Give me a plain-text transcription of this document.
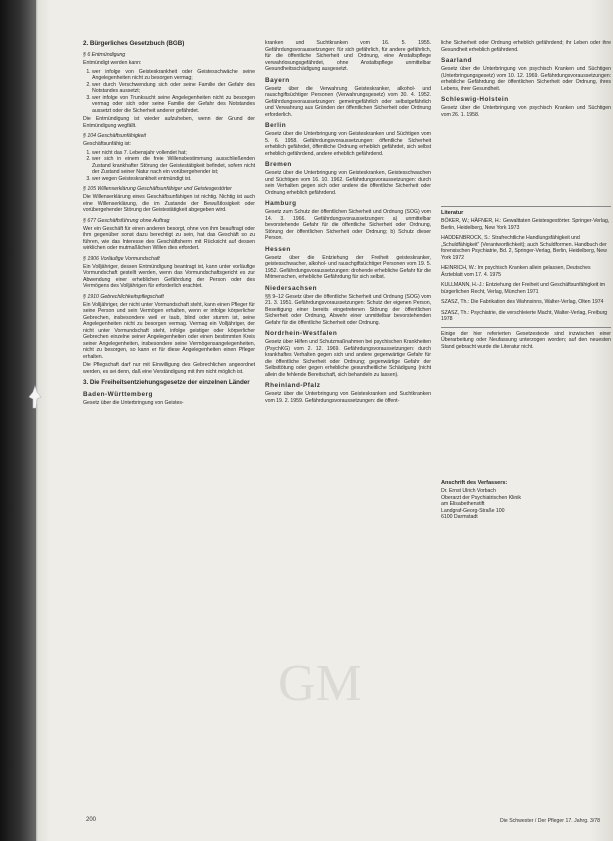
GM
2. Bürgerliches Gesetzbuch (BGB)
§ 6 Entmündigung

Entmündigt werden kann:

1. wer infolge von Geisteskrankheit oder Geistesschwäche seine Angelegenheiten nicht zu besorgen vermag;
2. wer durch Verschwendung sich oder seine Familie der Gefahr des Notstandes aussetzt;
3. wer infolge von Trunksucht seine Angelegenheiten nicht zu besorgen vermag oder sich oder seine Familie der Gefahr des Notstandes aussetzt oder die Sicherheit anderer gefährdet.

Die Entmündigung ist wieder aufzuheben, wenn der Grund der Entmündigung wegfällt.

§ 104 Geschäftsunfähigkeit

Geschäftsunfähig ist:

1. wer nicht das 7. Lebensjahr vollendet hat;
2. wer sich in einem die freie Willensbestimmung ausschließenden Zustand krankhafter Störung der Geistestätigkeit befindet, sofern nicht der Zustand seiner Natur nach ein vorübergehender ist;
3. wer wegen Geisteskrankheit entmündigt ist.
§ 105 Willenserklärung Geschäftsunfähiger und Geistesgestörter

Die Willenserklärung eines Geschäftsunfähigen ist nichtig. Nichtig ist auch eine Willenserklärung, die im Zustande der Bewußtlosigkeit oder vorübergehender Störung der Geistestätigkeit abgegeben wird.

§ 677 Geschäftsführung ohne Auftrag

Wer ein Geschäft für einen anderen besorgt, ohne von ihm beauftragt oder ihm gegenüber sonst dazu berechtigt zu sein, hat das Geschäft so zu führen, wie das Interesse des Geschäftsherrn mit Rücksicht auf dessen wirklichen oder mutmaßlichen Willen dies erfordert.

§ 1906 Vorläufige Vormundschaft

Ein Volljähriger, dessen Entmündigung beantragt ist, kann unter vorläufige Vormundschaft gestellt werden, wenn das Vormundschaftsgericht es zur Abwendung einer erheblichen Gefährdung der Person oder des Vermögens des Volljährigen für erforderlich erachtet.

§ 1910 Gebrechlichkeitspflegschaft

Ein Volljähriger, der nicht unter Vormundschaft steht, kann einen Pfleger für seine Person und sein Vermögen erhalten, wenn er infolge körperlicher Gebrechen, insbesondere weil er taub, blind oder stumm ist, seine Angelegenheiten nicht zu besorgen vermag. Vermag ein Volljähriger, der nicht unter Vormundschaft steht, infolge geistiger oder körperlicher Gebrechen einzelne seiner Angelegenheiten oder einen bestimmten Kreis seiner Angelegenheiten, insbesondere seine Vermögensangelegenheiten, nicht zu besorgen, so kann er für diese Angelegenheiten einen Pfleger erhalten.

Die Pflegschaft darf nur mit Einwilligung des Gebrechlichen angeordnet werden, es sei denn, daß eine Verständigung mit ihm nicht möglich ist.

3. Die Freiheitsentziehungsgesetze der einzelnen Länder
Baden-Württemberg

Gesetz über die Unterbringung von Geistes-

kranken und Suchtkranken vom 16. 5. 1955. Gefährdungsvoraussetzungen: für sich gefährlich, für andere gefährlich, für die öffentliche Sicherheit und Ordnung, eine Anstaltspflege verwahrlosungsgefährdet, ohne Anstaltspflege unmittelbar Gesundheitsschädigung ausgesetzt.

Bayern

Gesetz über die Verwahrung Geisteskranker, alkohol- und rauschgiftsüchtiger Personen (Verwahrungsgesetz) vom 30. 4. 1952. Gefährdungsvoraussetzungen: gemeingefährlich oder selbstgefährlich und Verwahrung aus Gründen der öffentlichen Sicherheit oder Ordnung erforderlich.

Berlin

Gesetz über die Unterbringung von Geisteskranken und Süchtigen vom 5. 6. 1958. Gefährdungsvoraussetzungen: öffentliche Sicherheit erheblich gefährdet, öffentliche Ordnung erheblich gefährdet, sich selbst erheblich gefährdend, andere erheblich gefährdend.

Bremen

Gesetz über die Unterbringung von Geisteskranken, Geistesschwachen und Süchtigen vom 16. 10. 1962. Gefährdungsvoraussetzungen: durch sein Verhalten gegen sich oder andere die öffentliche Sicherheit oder Ordnung erheblich gefährdend.

Hamburg

Gesetz zum Schutz der öffentlichen Sicherheit und Ordnung (SOG) vom 14. 3. 1966. Gefährdungsvoraussetzungen: a) unmittelbar bevorstehende Gefahr für die öffentliche Sicherheit oder Ordnung, Störung der öffentlichen Sicherheit oder Ordnung; b) Schutz dieser Person.

Hessen

Gesetz über die Entziehung der Freiheit geisteskranker, geistesschwacher, alkohol- und rauschgiftsüchtiger Personen vom 19. 5. 1952. Gefährdungsvoraussetzungen: drohende erhebliche Gefahr für die Mitmenschen, erhebliche Gefährdung für sich selbst.

Niedersachsen

§§ 9–12 Gesetz über die öffentliche Sicherheit und Ordnung (SOG) vom 21. 3. 1951. Gefährdungsvoraussetzungen: Schutz der eigenen Person, Beseitigung einer bereits eingetretenen Störung der öffentlichen Sicherheit oder Ordnung, Abwehr einer unmittelbar bevorstehenden Gefahr für die öffentliche Sicherheit oder Ordnung.

Nordrhein-Westfalen

Gesetz über Hilfen und Schutzmaßnahmen bei psychischen Krankheiten (PsychKG) vom 2. 12. 1969. Gefährdungsvoraussetzungen: durch krankhaftes Verhalten gegen sich und andere gegenwärtige Gefahr für die öffentliche Sicherheit oder Ordnung; gegenwärtige Gefahr der Selbsttötung oder gegen erhebliche gesundheitliche Schädigung (nicht allein die fehlende Bereitschaft, sich behandeln zu lassen).

Rheinland-Pfalz

Gesetz über die Unterbringung von Geisteskranken und Suchtkranken vom 19. 2. 1959. Gefährdungsvoraussetzungen: die öffent-

liche Sicherheit oder Ordnung erheblich gefährdend; ihr Leben oder ihre Gesundheit erheblich gefährdend.

Saarland

Gesetz über die Unterbringung von psychisch Kranken und Süchtigen (Unterbringungsgesetz) vom 10. 12. 1969. Gefährdungsvoraussetzungen: erhebliche Gefährdung der öffentlichen Sicherheit oder Ordnung, ihres Lebens, ihrer Gesundheit.

Schleswig-Holstein

Gesetz über die Unterbringung von psychisch Kranken und Süchtigen vom 26. 1. 1958.

Literatur

BÖKER, W.; HÄFNER, H.: Gewalttaten Geistesgestörter. Springer-Verlag, Berlin, Heidelberg, New York 1973

HADDENBROCK, S.: Strafrechtliche Handlungsfähigkeit und „Schuldfähigkeit“ (Verantwortlichkeit); auch Schuldformen. Handbuch der forensischen Psychiatrie, Bd. 2, Springer-Verlag, Berlin, Heidelberg, New York 1972

HEINRICH, W.: Im psychisch Kranken allein gelassen, Deutsches Ärzteblatt vom 17. 4. 1975

KULLMANN, H.-J.: Entziehung der Freiheit und Geschäftsunfähigkeit im bürgerlichen Recht, Verlag, München 1971

SZASZ, Th.: Die Fabrikation des Wahnsinns, Walter-Verlag, Olten 1974

SZASZ, Th.: Psychiatrie, die verschleierte Macht, Walter-Verlag, Freiburg 1978

Einige der hier referierten Gesetzestexte sind inzwischen einer Überarbeitung oder Neufassung unterzogen worden; auf den neuesten Stand gebracht wurde die Literatur nicht.

Anschrift des Verfassers:

Dr. Ernst Ulrich Vorbach

Oberarzt der Psychiatrischen Klinik

am Elisabethenstift

Landgraf-Georg-Straße 100

6100 Darmstadt

200	Die Schwester / Der Pfleger 17. Jahrg. 3/78
